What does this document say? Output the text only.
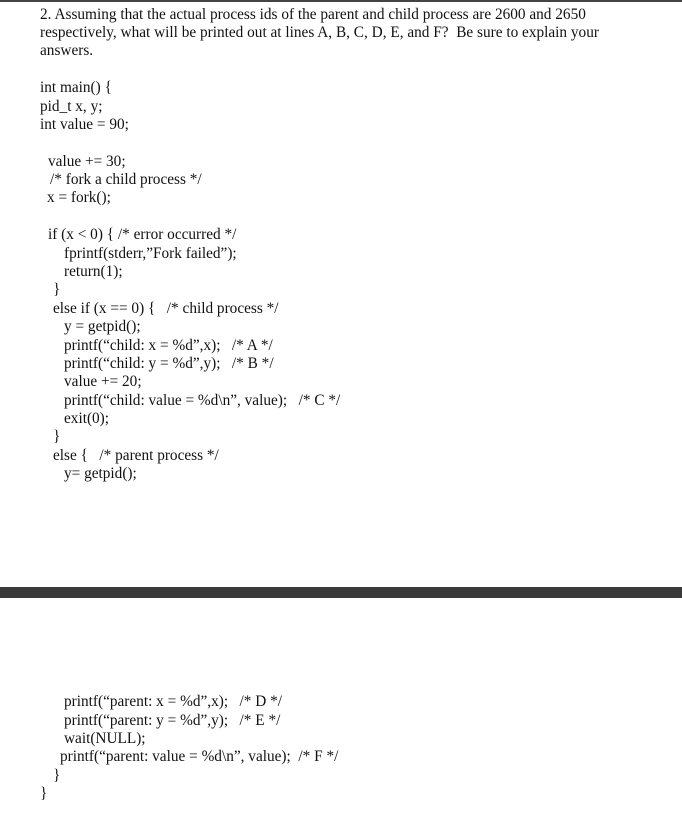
2. Assuming that the actual process ids of the parent and child process are 2600 and 2650
respectively, what will be printed out at lines A, B, C, D, E, and F?  Be sure to explain your
answers.
int main() {
pid_t x, y;
int value = 90;
value += 30;
/* fork a child process */
x = fork();
if (x < 0) { /* error occurred */
fprintf(stderr,”Fork failed”);
return(1);
}
else if (x == 0) {   /* child process */
y = getpid();
printf(“child: x = %d”,x);   /* A */
printf(“child: y = %d”,y);   /* B */
value += 20;
printf(“child: value = %d\n”, value);   /* C */
exit(0);
}
else {   /* parent process */
y= getpid();
printf(“parent: x = %d”,x);   /* D */
printf(“parent: y = %d”,y);   /* E */
wait(NULL);
printf(“parent: value = %d\n”, value);  /* F */
}
}
